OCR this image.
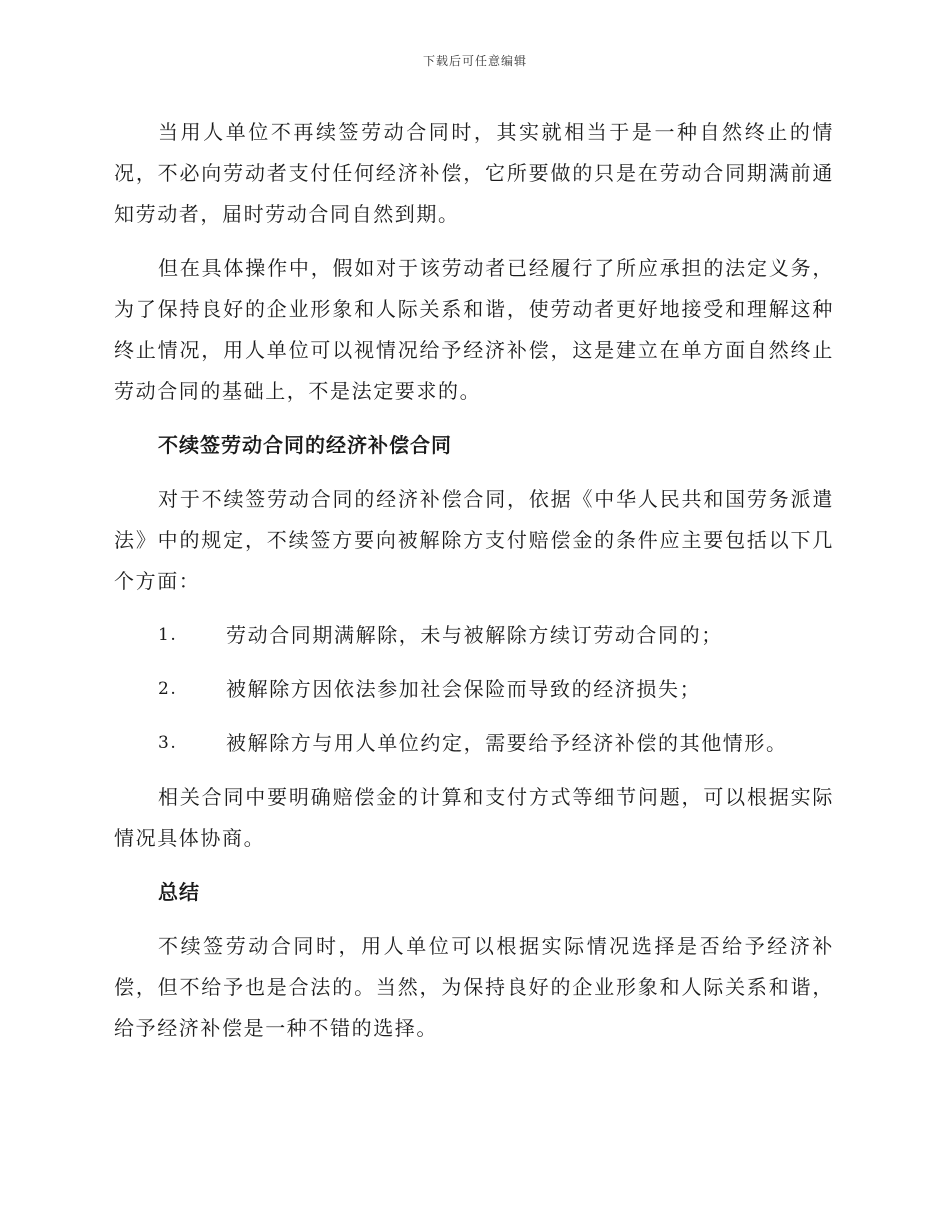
下载后可任意编辑

当用人单位不再续签劳动合同时，其实就相当于是一种自然终止的情况，不必向劳动者支付任何经济补偿，它所要做的只是在劳动合同期满前通知劳动者，届时劳动合同自然到期。

但在具体操作中，假如对于该劳动者已经履行了所应承担的法定义务，为了保持良好的企业形象和人际关系和谐，使劳动者更好地接受和理解这种终止情况，用人单位可以视情况给予经济补偿，这是建立在单方面自然终止劳动合同的基础上，不是法定要求的。

不续签劳动合同的经济补偿合同

对于不续签劳动合同的经济补偿合同，依据《中华人民共和国劳务派遣法》中的规定，不续签方要向被解除方支付赔偿金的条件应主要包括以下几个方面：

1.	劳动合同期满解除，未与被解除方续订劳动合同的；
2.	被解除方因依法参加社会保险而导致的经济损失；
3.	被解除方与用人单位约定，需要给予经济补偿的其他情形。

相关合同中要明确赔偿金的计算和支付方式等细节问题，可以根据实际情况具体协商。

总结

不续签劳动合同时，用人单位可以根据实际情况选择是否给予经济补偿，但不给予也是合法的。当然，为保持良好的企业形象和人际关系和谐，给予经济补偿是一种不错的选择。
